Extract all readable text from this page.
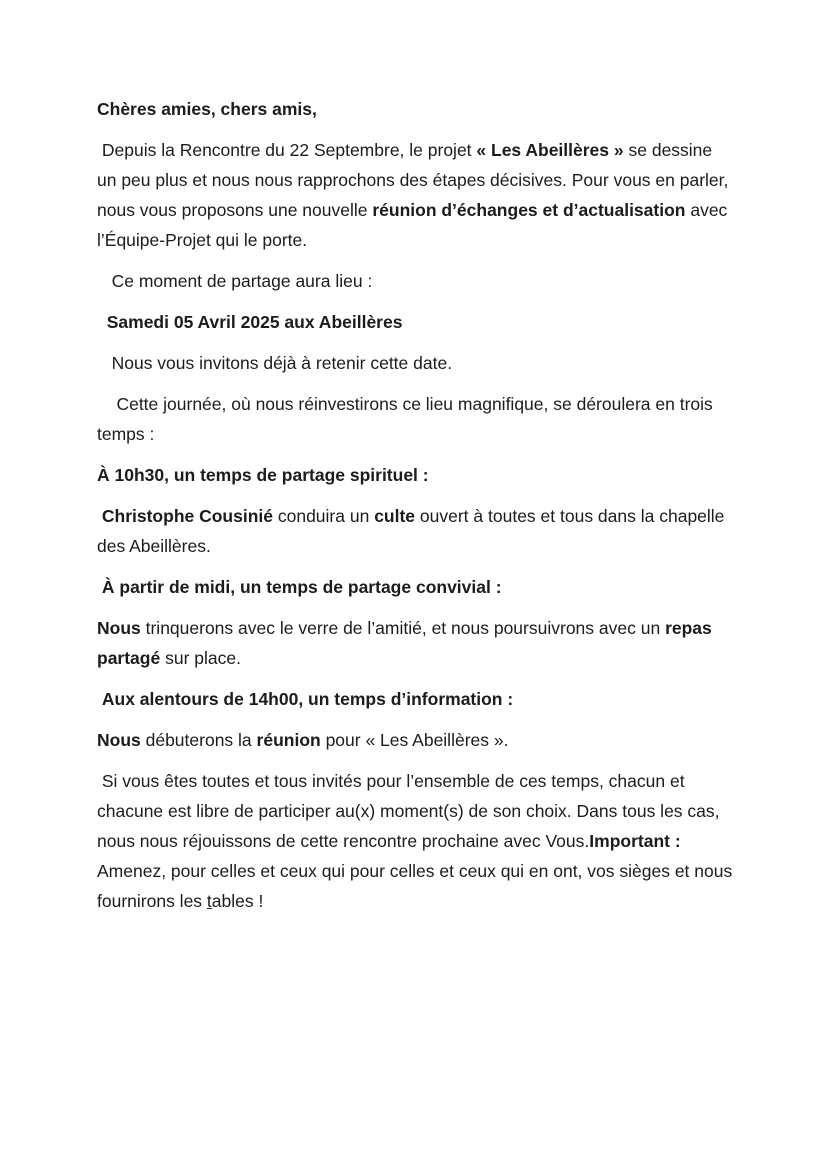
Chères amies, chers amis,

Depuis la Rencontre du 22 Septembre, le projet « Les Abeillères » se dessine un peu plus et nous nous rapprochons des étapes décisives. Pour vous en parler, nous vous proposons une nouvelle réunion d’échanges et d’actualisation avec l’Équipe-Projet qui le porte.

Ce moment de partage aura lieu :

Samedi 05 Avril 2025 aux Abeillères

Nous vous invitons déjà à retenir cette date.

Cette journée, où nous réinvestirons ce lieu magnifique, se déroulera en trois temps :

À 10h30, un temps de partage spirituel :

Christophe Cousinié conduira un culte ouvert à toutes et tous dans la chapelle des Abeillères.

À partir de midi, un temps de partage convivial :

Nous trinquerons avec le verre de l’amitié, et nous poursuivrons avec un repas partagé sur place.

Aux alentours de 14h00, un temps d’information :

Nous débuterons la réunion pour « Les Abeillères ».

Si vous êtes toutes et tous invités pour l’ensemble de ces temps, chacun et chacune est libre de participer au(x) moment(s) de son choix. Dans tous les cas, nous nous réjouissons de cette rencontre prochaine avec Vous.Important : Amenez, pour celles et ceux qui pour celles et ceux qui en ont, vos sièges et nous fournirons les tables !
